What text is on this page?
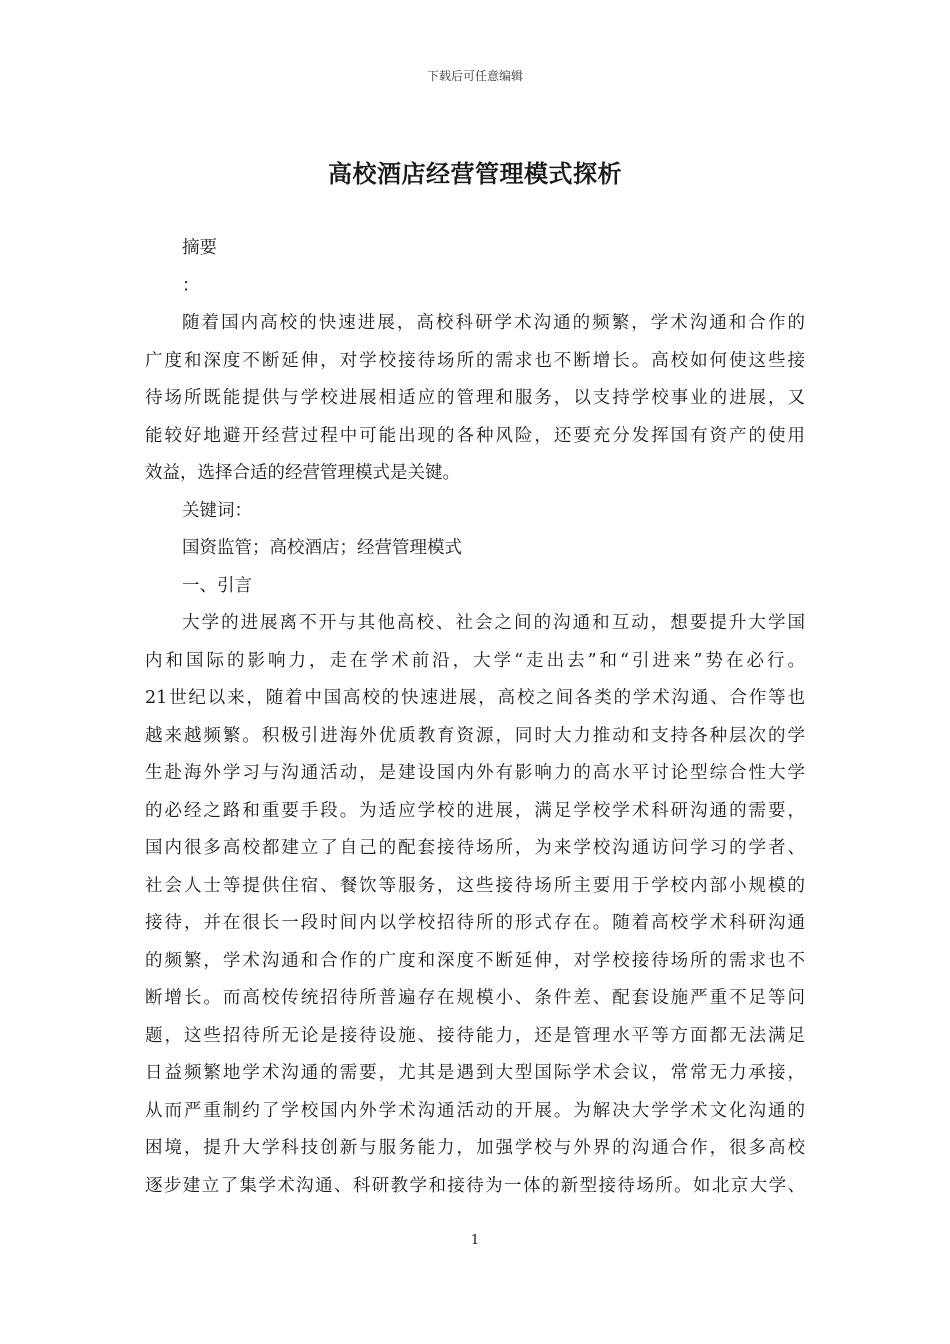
下载后可任意编辑
高校酒店经营管理模式探析
摘要
：
随着国内高校的快速进展，高校科研学术沟通的频繁，学术沟通和合作的
广度和深度不断延伸，对学校接待场所的需求也不断增长。高校如何使这些接
待场所既能提供与学校进展相适应的管理和服务，以支持学校事业的进展，又
能较好地避开经营过程中可能出现的各种风险，还要充分发挥国有资产的使用
效益，选择合适的经营管理模式是关键。
关键词：
国资监管；高校酒店；经营管理模式
一、引言
大学的进展离不开与其他高校、社会之间的沟通和互动，想要提升大学国
内和国际的影响力，走在学术前沿，大学“走出去”和“引进来”势在必行。
21世纪以来，随着中国高校的快速进展，高校之间各类的学术沟通、合作等也
越来越频繁。积极引进海外优质教育资源，同时大力推动和支持各种层次的学
生赴海外学习与沟通活动，是建设国内外有影响力的高水平讨论型综合性大学
的必经之路和重要手段。为适应学校的进展，满足学校学术科研沟通的需要，
国内很多高校都建立了自己的配套接待场所，为来学校沟通访问学习的学者、
社会人士等提供住宿、餐饮等服务，这些接待场所主要用于学校内部小规模的
接待，并在很长一段时间内以学校招待所的形式存在。随着高校学术科研沟通
的频繁，学术沟通和合作的广度和深度不断延伸，对学校接待场所的需求也不
断增长。而高校传统招待所普遍存在规模小、条件差、配套设施严重不足等问
题，这些招待所无论是接待设施、接待能力，还是管理水平等方面都无法满足
日益频繁地学术沟通的需要，尤其是遇到大型国际学术会议，常常无力承接，
从而严重制约了学校国内外学术沟通活动的开展。为解决大学学术文化沟通的
困境，提升大学科技创新与服务能力，加强学校与外界的沟通合作，很多高校
逐步建立了集学术沟通、科研教学和接待为一体的新型接待场所。如北京大学、
1
